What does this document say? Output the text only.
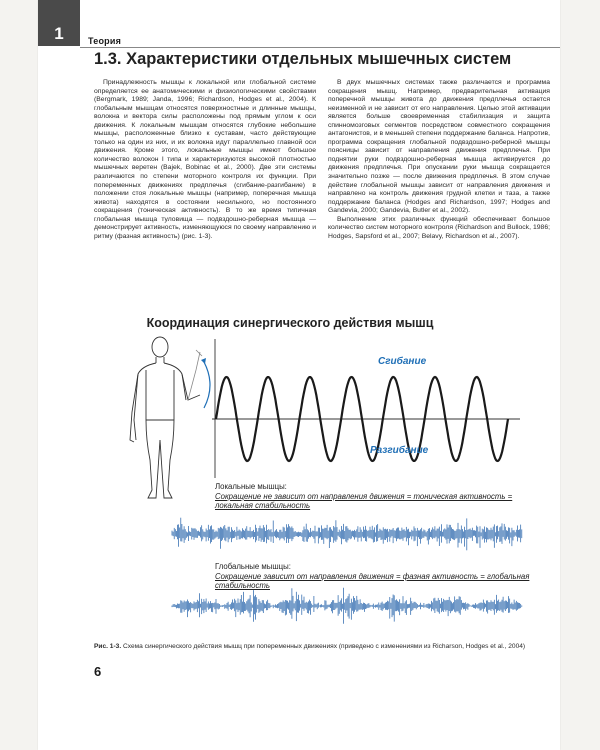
1	Теория
1.3. Характеристики отдельных мышечных систем

Принадлежность мышцы к локальной или глобальной системе определяется ее анатомическими и физиологическими свойствами (Bergmark, 1989; Janda, 1996; Richardson, Hodges et al., 2004). К глобальным мышцам относятся поверхностные и длинные мышцы, волокна и вектора силы расположены под прямым углом к оси движения. К локальным мышцам относятся глубокие небольшие мышцы, расположенные близко к суставам, часто действующие только на один из них, и их волокна идут параллельно главной оси движения. Кроме этого, локальные мышцы имеют большое количество волокон I типа и характеризуются высокой плотностью мышечных веретен (Bajek, Bobinac et al., 2000). Две эти системы различаются по степени моторного контроля их функции. При попеременных движениях предплечья (сгибание-разгибание) в положении стоя локальные мышцы (например, поперечная мышца живота) находятся в состоянии несильного, но постоянного сокращения (тоническая активность). В то же время типичная глобальная мышца туловища — подвздошно-реберная мышца — демонстрирует активность, изменяющуюся по своему направлению и ритму (фазная активность) (рис. 1-3).

В двух мышечных системах также различается и программа сокращения мышц. Например, предварительная активация поперечной мышцы живота до движения предплечья остается неизменной и не зависит от его направления. Целью этой активации является больше своевременная стабилизация и защита спинномозговых сегментов посредством совместного сокращения антагонистов, и в меньшей степени поддержание баланса. Напротив, программа сокращения глобальной подвздошно-реберной мышцы поясницы зависит от направления движения предплечья. При поднятии руки подвздошно-реберная мышца активируется до движения предплечья. При опускании руки мышца сокращается значительно позже — после движения предплечья. В этом случае действие глобальной мышцы зависит от направления движения и направлено на контроль движения грудной клетки и таза, а также поддержание баланса (Hodges and Richardson, 1997; Hodges and Gandevia, 2000; Gandevia, Butler et al., 2002).

Выполнение этих различных функций обеспечивает большое количество систем моторного контроля (Richardson and Bullock, 1986; Hodges, Sapsford et al., 2007; Belavy, Richardson et al., 2007).

Координация синергического действия мышц
Сгибание
Разгибание
Локальные мышцы:
Сокращение не зависит от направления движения = тоническая активность = локальная стабильность
Глобальные мышцы:
Сокращение зависит от направления движения = фазная активность = глобальная стабильность
Рис. 1-3. Схема синергического действия мышц при попеременных движениях (приведено с изменениями из Richarson, Hodges et al., 2004)
6
